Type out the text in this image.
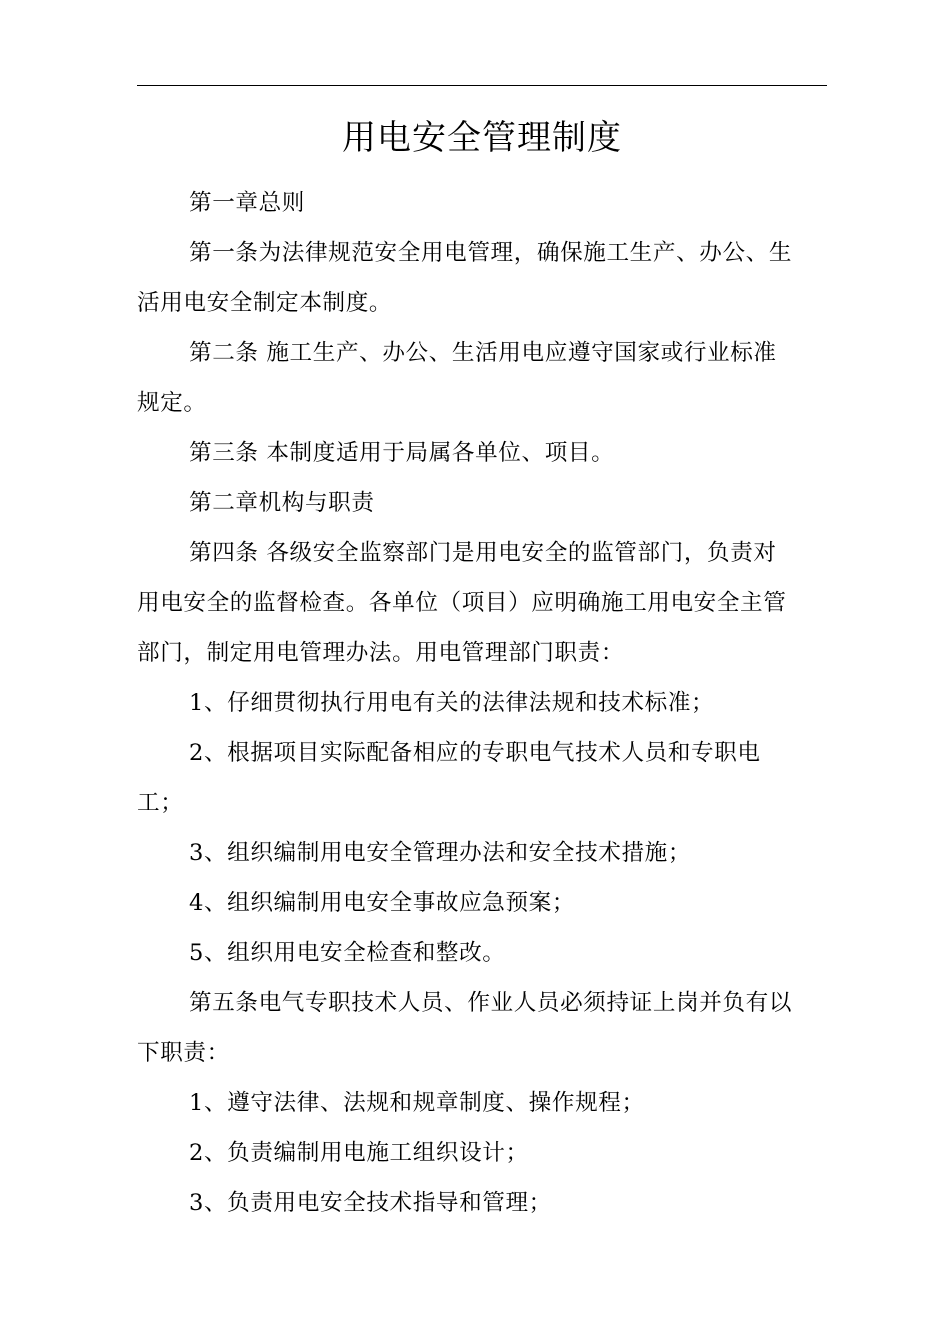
用电安全管理制度

第一章总则

第一条为法律规范安全用电管理，确保施工生产、办公、生
活用电安全制定本制度。

第二条 施工生产、办公、生活用电应遵守国家或行业标准
规定。

第三条 本制度适用于局属各单位、项目。

第二章机构与职责

第四条 各级安全监察部门是用电安全的监管部门，负责对
用电安全的监督检查。各单位（项目）应明确施工用电安全主管
部门，制定用电管理办法。用电管理部门职责：

1、仔细贯彻执行用电有关的法律法规和技术标准；

2、根据项目实际配备相应的专职电气技术人员和专职电
工；

3、组织编制用电安全管理办法和安全技术措施；

4、组织编制用电安全事故应急预案；

5、组织用电安全检查和整改。

第五条电气专职技术人员、作业人员必须持证上岗并负有以
下职责：

1、遵守法律、法规和规章制度、操作规程；

2、负责编制用电施工组织设计；

3、负责用电安全技术指导和管理；
